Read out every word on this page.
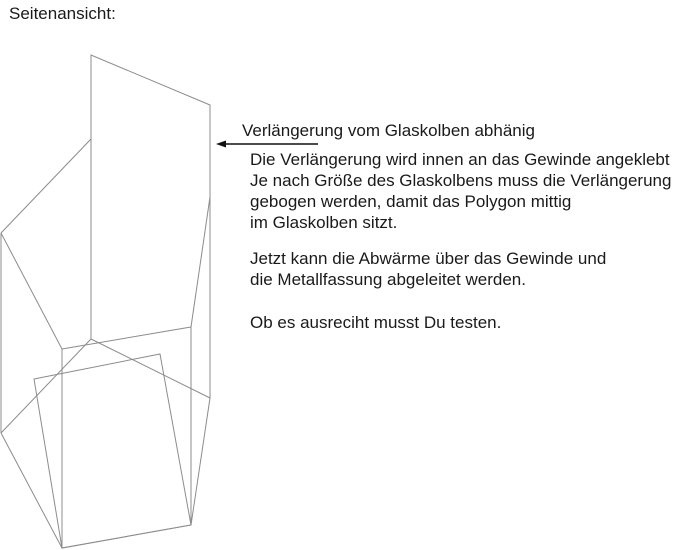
Seitenansicht:
Verlängerung vom Glaskolben abhänig
Die Verlängerung wird innen an das Gewinde angeklebt
Je nach Größe des Glaskolbens muss die Verlängerung
gebogen werden, damit das Polygon mittig
im Glaskolben sitzt.
Jetzt kann die Abwärme über das Gewinde und
die Metallfassung abgeleitet werden.
Ob es ausreciht musst Du testen.
